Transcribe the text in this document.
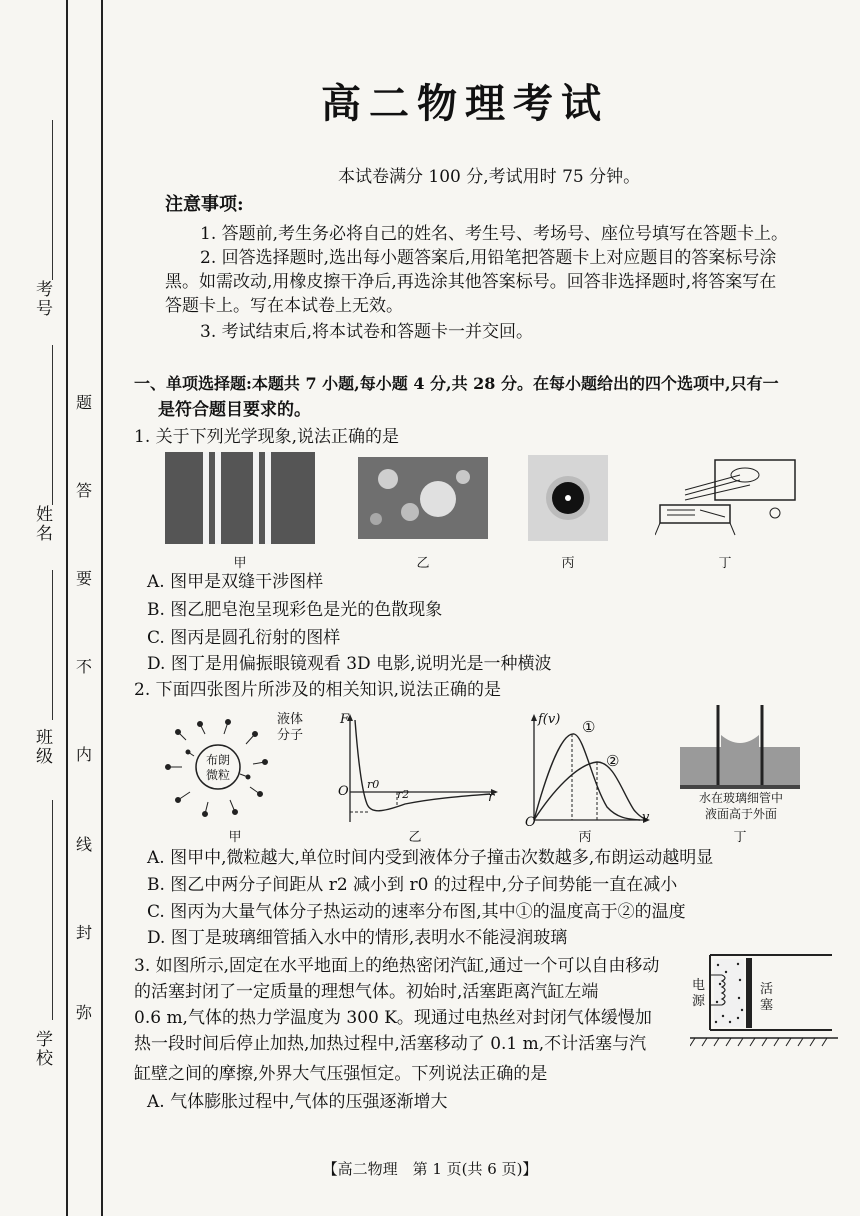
考号
姓名
班级
学校
弥
封
线
内
不
要
答
题
高二物理考试
本试卷满分 100 分,考试用时 75 分钟。
注意事项:
1. 答题前,考生务必将自己的姓名、考生号、考场号、座位号填写在答题卡上。
2. 回答选择题时,选出每小题答案后,用铅笔把答题卡上对应题目的答案标号涂
黑。如需改动,用橡皮擦干净后,再选涂其他答案标号。回答非选择题时,将答案写在
答题卡上。写在本试卷上无效。
3. 考试结束后,将本试卷和答题卡一并交回。
一、单项选择题:本题共 7 小题,每小题 4 分,共 28 分。在每小题给出的四个选项中,只有一
是符合题目要求的。
1. 关于下列光学现象,说法正确的是
甲	乙	丙	丁
A. 图甲是双缝干涉图样
B. 图乙肥皂泡呈现彩色是光的色散现象
C. 图丙是圆孔衍射的图样
D. 图丁是用偏振眼镜观看 3D 电影,说明光是一种横波
2. 下面四张图片所涉及的相关知识,说法正确的是
液体
分子
布朗
微粒
甲
F
O r0
r2	r
乙
f(v) ①
②
O	v
丙
水在玻璃细管中
液面高于外面
丁
A. 图甲中,微粒越大,单位时间内受到液体分子撞击次数越多,布朗运动越明显
B. 图乙中两分子间距从 r2 减小到 r0 的过程中,分子间势能一直在减小
C. 图丙为大量气体分子热运动的速率分布图,其中①的温度高于②的温度
D. 图丁是玻璃细管插入水中的情形,表明水不能浸润玻璃
3. 如图所示,固定在水平地面上的绝热密闭汽缸,通过一个可以自由移动
的活塞封闭了一定质量的理想气体。初始时,活塞距离汽缸左端
0.6 m,气体的热力学温度为 300 K。现通过电热丝对封闭气体缓慢加
热一段时间后停止加热,加热过程中,活塞移动了 0.1 m,不计活塞与汽
缸壁之间的摩擦,外界大气压强恒定。下列说法正确的是
A. 气体膨胀过程中,气体的压强逐渐增大
电
源
活
塞
【高二物理　第 1 页(共 6 页)】
